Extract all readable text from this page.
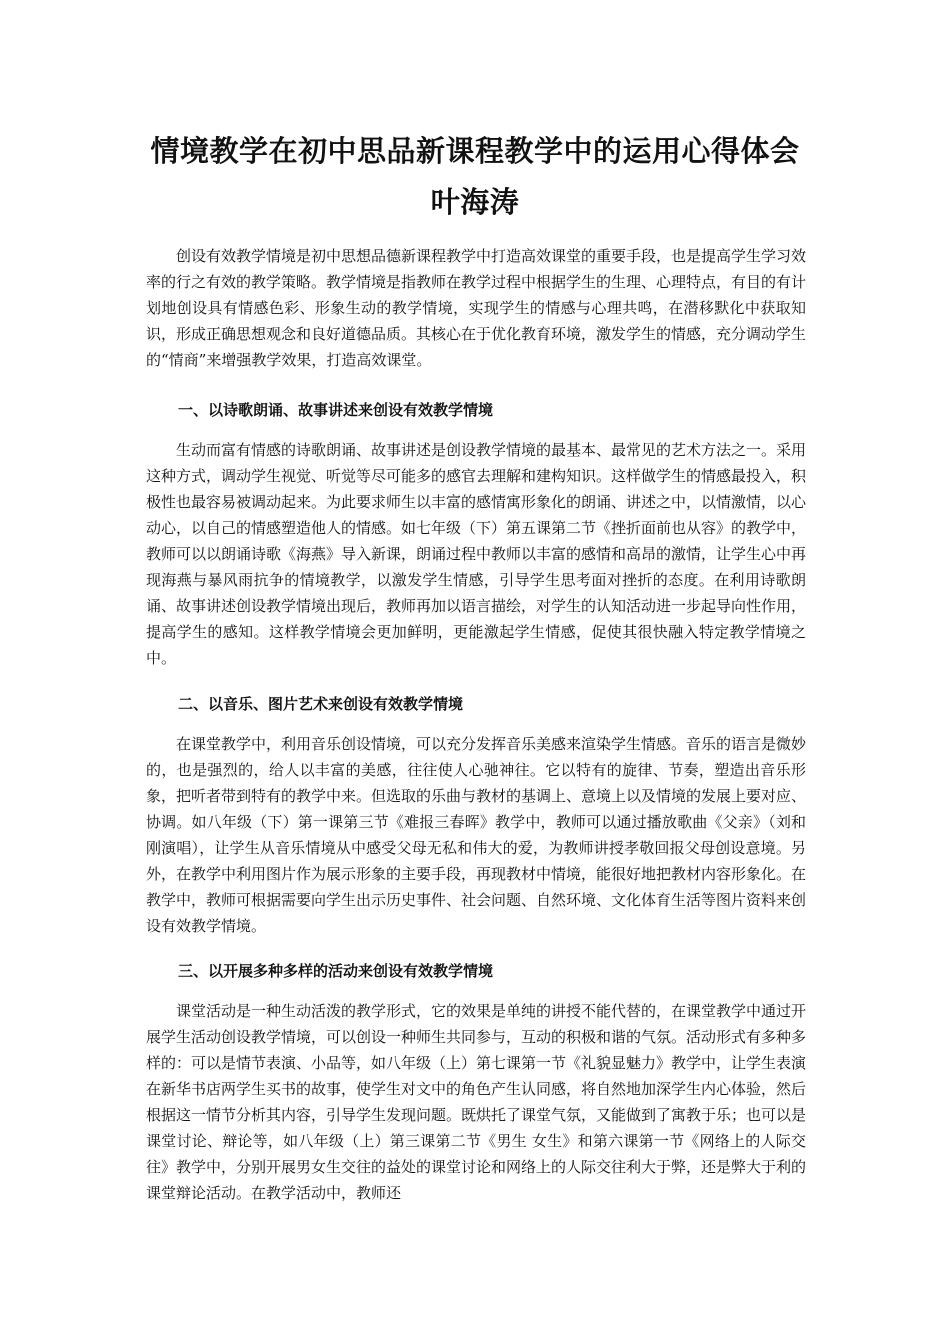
情境教学在初中思品新课程教学中的运用心得体会
叶海涛

创设有效教学情境是初中思想品德新课程教学中打造高效课堂的重要手段，也是提高学生学习效率的行之有效的教学策略。教学情境是指教师在教学过程中根据学生的生理、心理特点，有目的有计划地创设具有情感色彩、形象生动的教学情境，实现学生的情感与心理共鸣，在潜移默化中获取知识，形成正确思想观念和良好道德品质。其核心在于优化教育环境，激发学生的情感，充分调动学生的“情商”来增强教学效果，打造高效课堂。

一、以诗歌朗诵、故事讲述来创设有效教学情境

生动而富有情感的诗歌朗诵、故事讲述是创设教学情境的最基本、最常见的艺术方法之一。采用这种方式，调动学生视觉、听觉等尽可能多的感官去理解和建构知识。这样做学生的情感最投入，积极性也最容易被调动起来。为此要求师生以丰富的感情寓形象化的朗诵、讲述之中，以情激情，以心动心，以自己的情感塑造他人的情感。如七年级（下）第五课第二节《挫折面前也从容》的教学中，教师可以以朗诵诗歌《海燕》导入新课，朗诵过程中教师以丰富的感情和高昂的激情，让学生心中再现海燕与暴风雨抗争的情境教学，以激发学生情感，引导学生思考面对挫折的态度。在利用诗歌朗诵、故事讲述创设教学情境出现后，教师再加以语言描绘，对学生的认知活动进一步起导向性作用，提高学生的感知。这样教学情境会更加鲜明，更能激起学生情感，促使其很快融入特定教学情境之中。

二、以音乐、图片艺术来创设有效教学情境

在课堂教学中，利用音乐创设情境，可以充分发挥音乐美感来渲染学生情感。音乐的语言是微妙的，也是强烈的，给人以丰富的美感，往往使人心驰神往。它以特有的旋律、节奏，塑造出音乐形象，把听者带到特有的教学中来。但选取的乐曲与教材的基调上、意境上以及情境的发展上要对应、协调。如八年级（下）第一课第三节《难报三春晖》教学中，教师可以通过播放歌曲《父亲》（刘和刚演唱），让学生从音乐情境从中感受父母无私和伟大的爱，为教师讲授孝敬回报父母创设意境。另外，在教学中利用图片作为展示形象的主要手段，再现教材中情境，能很好地把教材内容形象化。在教学中，教师可根据需要向学生出示历史事件、社会问题、自然环境、文化体育生活等图片资料来创设有效教学情境。

三、以开展多种多样的活动来创设有效教学情境

课堂活动是一种生动活泼的教学形式，它的效果是单纯的讲授不能代替的，在课堂教学中通过开展学生活动创设教学情境，可以创设一种师生共同参与，互动的积极和谐的气氛。活动形式有多种多样的：可以是情节表演、小品等，如八年级（上）第七课第一节《礼貌显魅力》教学中，让学生表演在新华书店两学生买书的故事，使学生对文中的角色产生认同感，将自然地加深学生内心体验，然后根据这一情节分析其内容，引导学生发现问题。既烘托了课堂气氛，又能做到了寓教于乐；也可以是课堂讨论、辩论等，如八年级（上）第三课第二节《男生 女生》和第六课第一节《网络上的人际交往》教学中，分别开展男女生交往的益处的课堂讨论和网络上的人际交往利大于弊，还是弊大于利的课堂辩论活动。在教学活动中，教师还
